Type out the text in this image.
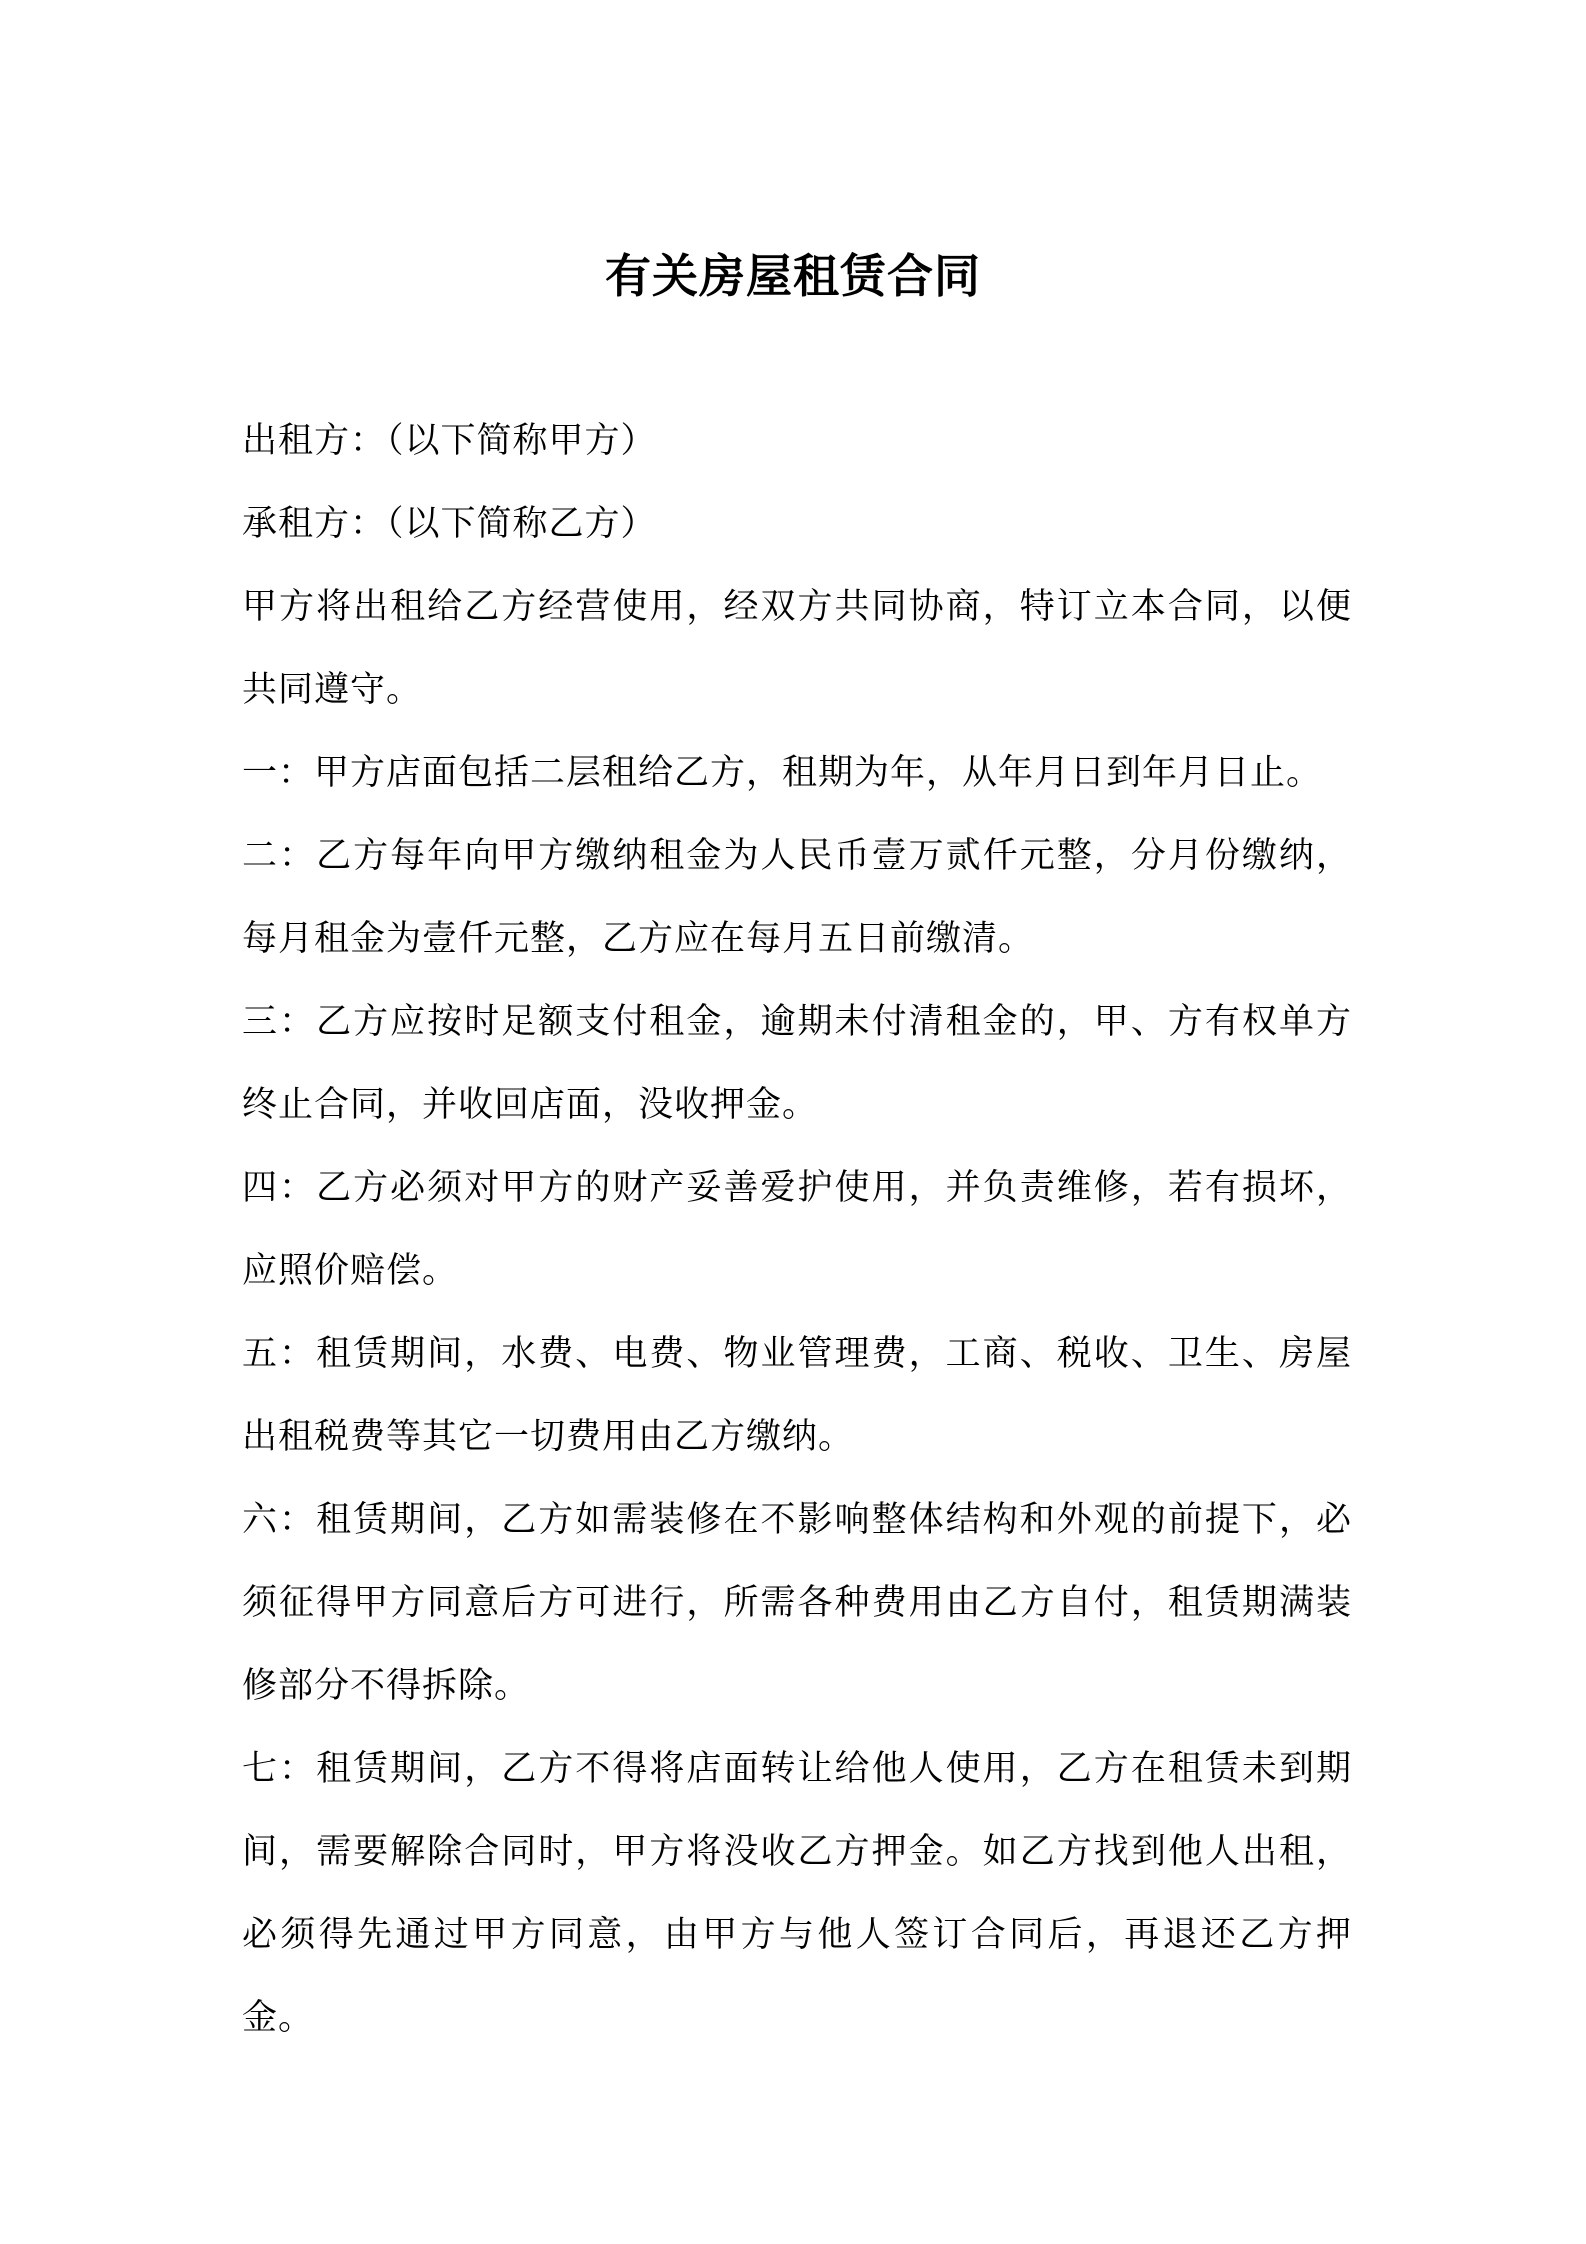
有关房屋租赁合同

出租方：（以下简称甲方）

承租方：（以下简称乙方）

甲方将出租给乙方经营使用，经双方共同协商，特订立本合同，以便共同遵守。

一：甲方店面包括二层租给乙方，租期为年，从年月日到年月日止。

二：乙方每年向甲方缴纳租金为人民币壹万贰仟元整，分月份缴纳，每月租金为壹仟元整，乙方应在每月五日前缴清。

三：乙方应按时足额支付租金，逾期未付清租金的，甲、方有权单方终止合同，并收回店面，没收押金。

四：乙方必须对甲方的财产妥善爱护使用，并负责维修，若有损坏，应照价赔偿。

五：租赁期间，水费、电费、物业管理费，工商、税收、卫生、房屋出租税费等其它一切费用由乙方缴纳。

六：租赁期间，乙方如需装修在不影响整体结构和外观的前提下，必须征得甲方同意后方可进行，所需各种费用由乙方自付，租赁期满装修部分不得拆除。

七：租赁期间，乙方不得将店面转让给他人使用，乙方在租赁未到期间，需要解除合同时，甲方将没收乙方押金。如乙方找到他人出租，必须得先通过甲方同意，由甲方与他人签订合同后，再退还乙方押金。
